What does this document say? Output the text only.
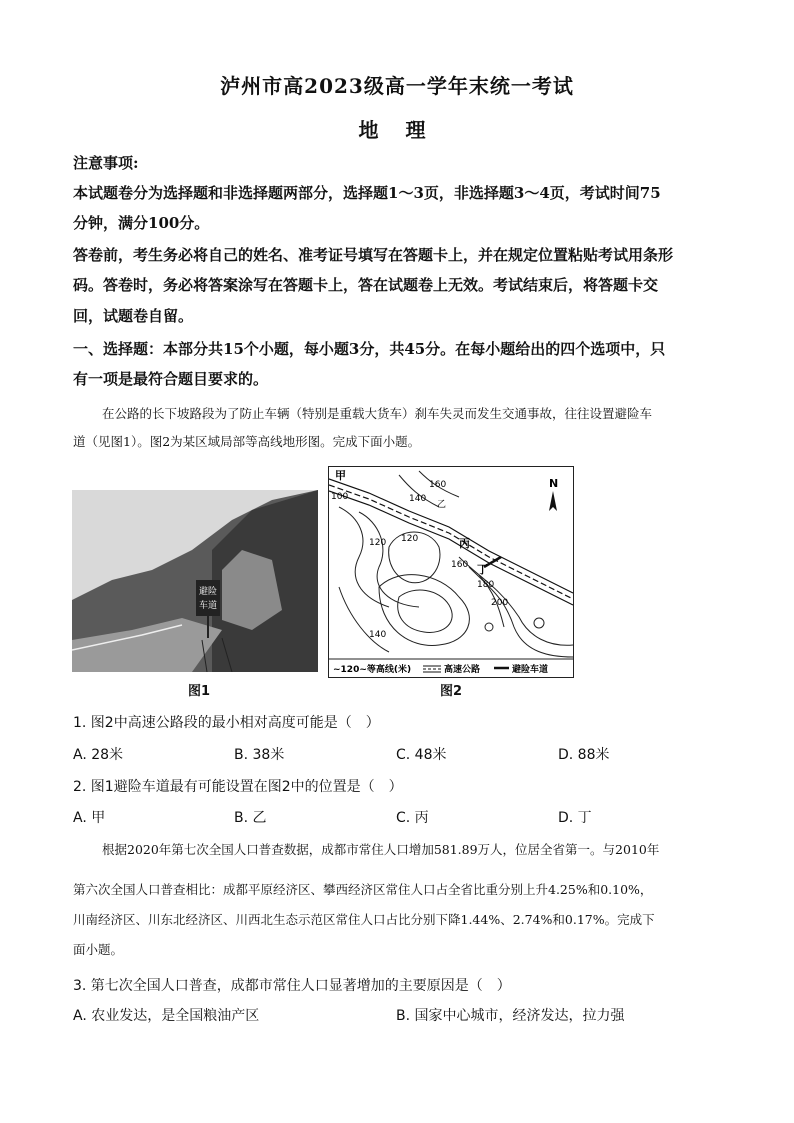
泸州市高2023级高一学年末统一考试
地 理
注意事项:
本试题卷分为选择题和非选择题两部分，选择题1～3页，非选择题3～4页，考试时间75
分钟，满分100分。
答卷前，考生务必将自己的姓名、准考证号填写在答题卡上，并在规定位置粘贴考试用条形
码。答卷时，务必将答案涂写在答题卡上，答在试题卷上无效。考试结束后，将答题卡交
回，试题卷自留。
一、选择题：本部分共15个小题，每小题3分，共45分。在每小题给出的四个选项中，只
有一项是最符合题目要求的。
在公路的长下坡路段为了防止车辆（特别是重载大货车）刹车失灵而发生交通事故，往往设置避险车
道（见图1）。图2为某区域局部等高线地形图。完成下面小题。
避险
车道
图1
甲
100
120 120
140
160
乙
丙
丁
160
180
200
140
N
~120~等高线(米)	高速公路	避险车道
图2
1. 图2中高速公路段的最小相对高度可能是（　）
A. 28米	B. 38米	C. 48米	D. 88米
2. 图1避险车道最有可能设置在图2中的位置是（　）
A. 甲	B. 乙	C. 丙	D. 丁
根据2020年第七次全国人口普查数据，成都市常住人口增加581.89万人，位居全省第一。与2010年
第六次全国人口普查相比：成都平原经济区、攀西经济区常住人口占全省比重分别上升4.25%和0.10%，
川南经济区、川东北经济区、川西北生态示范区常住人口占比分别下降1.44%、2.74%和0.17%。完成下
面小题。
3. 第七次全国人口普查，成都市常住人口显著增加的主要原因是（　）
A. 农业发达，是全国粮油产区	B. 国家中心城市，经济发达，拉力强
